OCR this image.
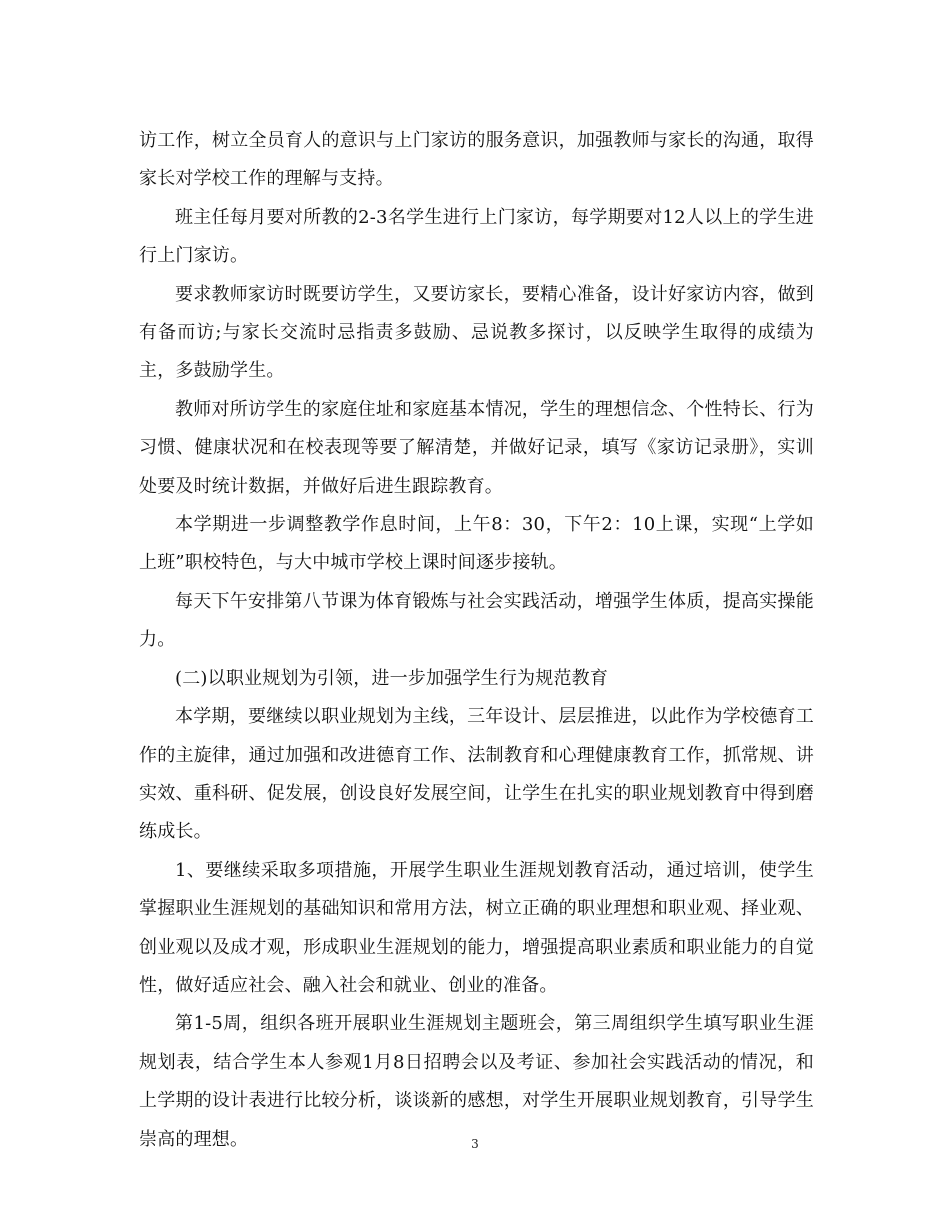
访工作，树立全员育人的意识与上门家访的服务意识，加强教师与家长的沟通，取得家长对学校工作的理解与支持。

班主任每月要对所教的2-3名学生进行上门家访，每学期要对12人以上的学生进行上门家访。

要求教师家访时既要访学生，又要访家长，要精心准备，设计好家访内容，做到有备而访;与家长交流时忌指责多鼓励、忌说教多探讨，以反映学生取得的成绩为主，多鼓励学生。

教师对所访学生的家庭住址和家庭基本情况，学生的理想信念、个性特长、行为习惯、健康状况和在校表现等要了解清楚，并做好记录，填写《家访记录册》，实训处要及时统计数据，并做好后进生跟踪教育。

本学期进一步调整教学作息时间，上午8：30，下午2：10上课，实现“上学如上班”职校特色，与大中城市学校上课时间逐步接轨。

每天下午安排第八节课为体育锻炼与社会实践活动，增强学生体质，提高实操能力。

(二)以职业规划为引领，进一步加强学生行为规范教育

本学期，要继续以职业规划为主线，三年设计、层层推进，以此作为学校德育工作的主旋律，通过加强和改进德育工作、法制教育和心理健康教育工作，抓常规、讲实效、重科研、促发展，创设良好发展空间，让学生在扎实的职业规划教育中得到磨练成长。

1、要继续采取多项措施，开展学生职业生涯规划教育活动，通过培训，使学生掌握职业生涯规划的基础知识和常用方法，树立正确的职业理想和职业观、择业观、创业观以及成才观，形成职业生涯规划的能力，增强提高职业素质和职业能力的自觉性，做好适应社会、融入社会和就业、创业的准备。

第1-5周，组织各班开展职业生涯规划主题班会，第三周组织学生填写职业生涯规划表，结合学生本人参观1月8日招聘会以及考证、参加社会实践活动的情况，和上学期的设计表进行比较分析，谈谈新的感想，对学生开展职业规划教育，引导学生崇高的理想。	3
